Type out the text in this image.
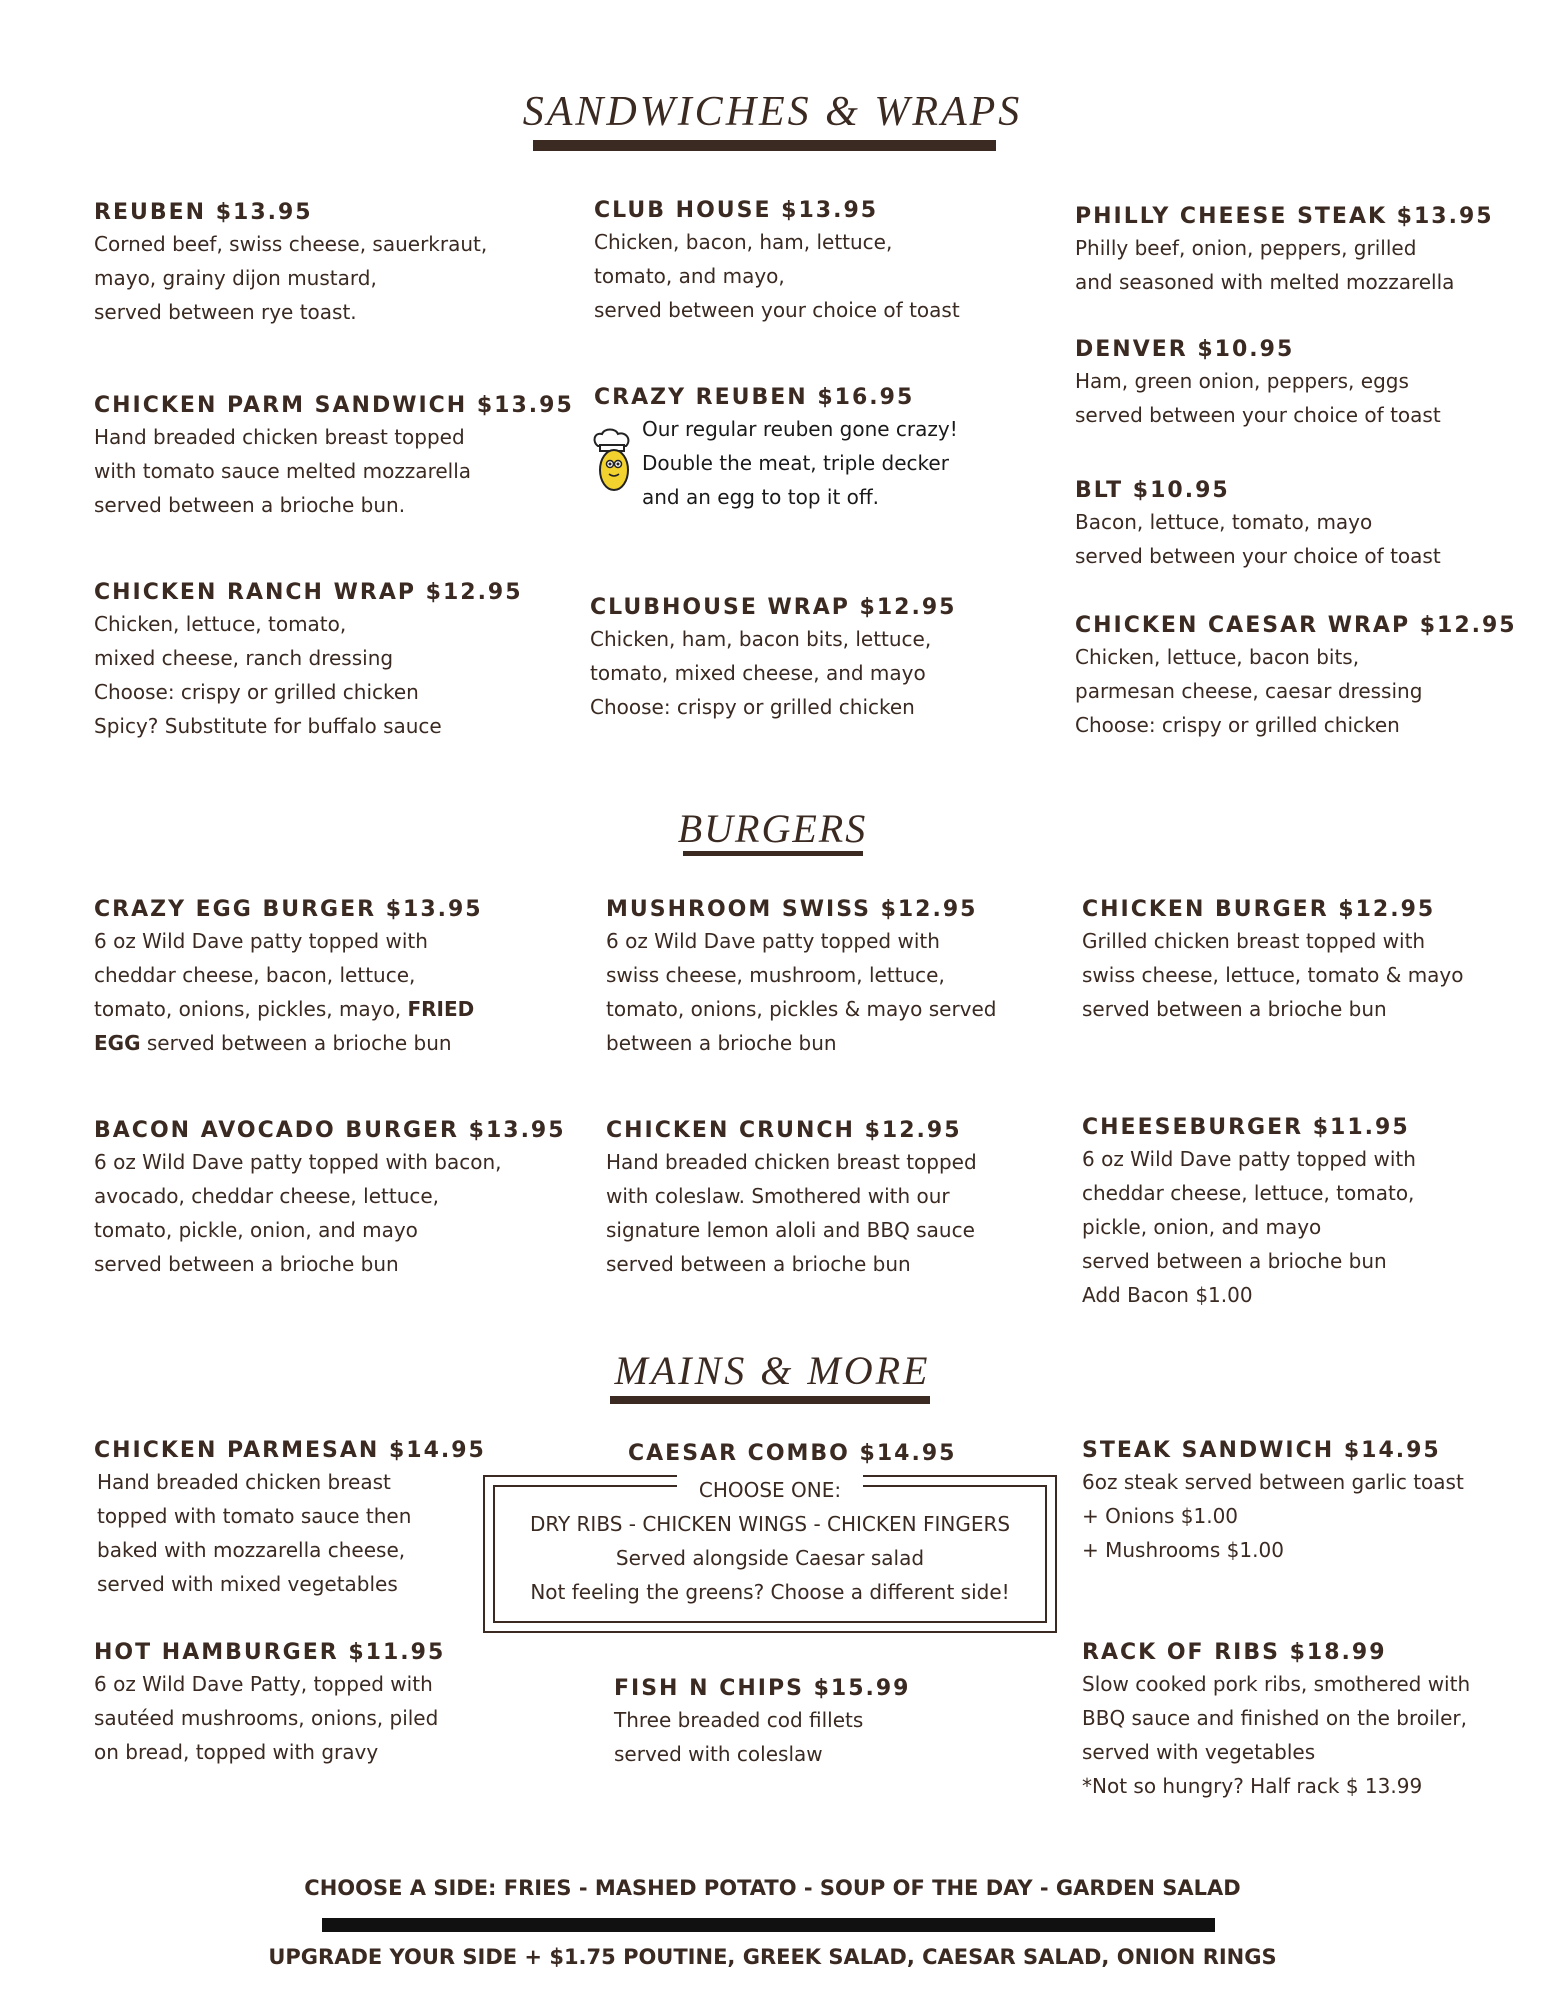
SANDWICHES & WRAPS
REUBEN $13.95
Corned beef, swiss cheese, sauerkraut,
mayo, grainy dijon mustard,
served between rye toast.
CHICKEN PARM SANDWICH $13.95
Hand breaded chicken breast topped
with tomato sauce melted mozzarella
served between a brioche bun.
CHICKEN RANCH WRAP $12.95
Chicken, lettuce, tomato,
mixed cheese, ranch dressing
Choose: crispy or grilled chicken
Spicy? Substitute for buffalo sauce
CLUB HOUSE $13.95
Chicken, bacon, ham, lettuce,
tomato, and mayo,
served between your choice of toast
CRAZY REUBEN $16.95
Our regular reuben gone crazy!
Double the meat, triple decker
and an egg to top it off.
CLUBHOUSE WRAP $12.95
Chicken, ham, bacon bits, lettuce,
tomato, mixed cheese, and mayo
Choose: crispy or grilled chicken
PHILLY CHEESE STEAK $13.95
Philly beef, onion, peppers, grilled
and seasoned with melted mozzarella
DENVER $10.95
Ham, green onion, peppers, eggs
served between your choice of toast
BLT $10.95
Bacon, lettuce, tomato, mayo
served between your choice of toast
CHICKEN CAESAR WRAP $12.95
Chicken, lettuce, bacon bits,
parmesan cheese, caesar dressing
Choose: crispy or grilled chicken
BURGERS
CRAZY EGG BURGER $13.95
6 oz Wild Dave patty topped with
cheddar cheese, bacon, lettuce,
tomato, onions, pickles, mayo, FRIED
EGG served between a brioche bun
MUSHROOM SWISS $12.95
6 oz Wild Dave patty topped with
swiss cheese, mushroom, lettuce,
tomato, onions, pickles & mayo served
between a brioche bun
CHICKEN BURGER $12.95
Grilled chicken breast topped with
swiss cheese, lettuce, tomato & mayo
served between a brioche bun
BACON AVOCADO BURGER $13.95
6 oz Wild Dave patty topped with bacon,
avocado, cheddar cheese, lettuce,
tomato, pickle, onion, and mayo
served between a brioche bun
CHICKEN CRUNCH $12.95
Hand breaded chicken breast topped
with coleslaw. Smothered with our
signature lemon aloli and BBQ sauce
served between a brioche bun
CHEESEBURGER $11.95
6 oz Wild Dave patty topped with
cheddar cheese, lettuce, tomato,
pickle, onion, and mayo
served between a brioche bun
Add Bacon $1.00
MAINS & MORE
CHICKEN PARMESAN $14.95
Hand breaded chicken breast
topped with tomato sauce then
baked with mozzarella cheese,
served with mixed vegetables
CAESAR COMBO $14.95
CHOOSE ONE:
DRY RIBS - CHICKEN WINGS - CHICKEN FINGERS
Served alongside Caesar salad
Not feeling the greens? Choose a different side!
STEAK SANDWICH $14.95
6oz steak served between garlic toast
+ Onions $1.00
+ Mushrooms $1.00
HOT HAMBURGER $11.95
6 oz Wild Dave Patty, topped with
sautéed mushrooms, onions, piled
on bread, topped with gravy
FISH N CHIPS $15.99
Three breaded cod fillets
served with coleslaw
RACK OF RIBS $18.99
Slow cooked pork ribs, smothered with
BBQ sauce and finished on the broiler,
served with vegetables
*Not so hungry? Half rack $ 13.99
CHOOSE A SIDE: FRIES - MASHED POTATO - SOUP OF THE DAY - GARDEN SALAD
UPGRADE YOUR SIDE + $1.75 POUTINE, GREEK SALAD, CAESAR SALAD, ONION RINGS
